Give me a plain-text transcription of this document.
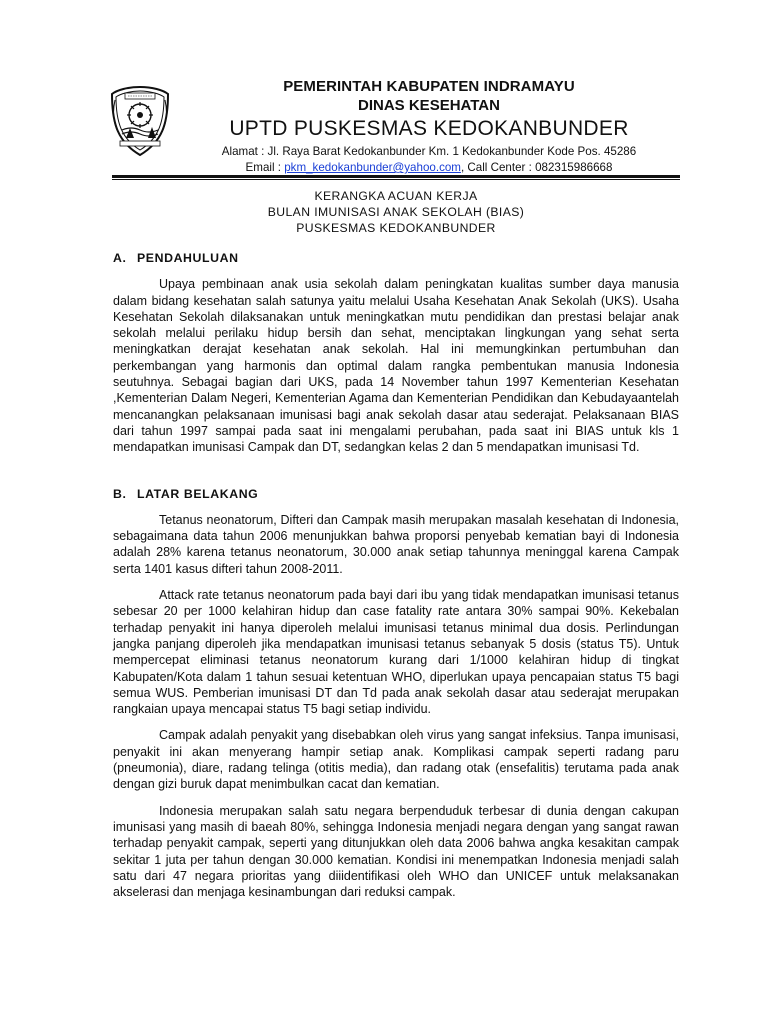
PEMERINTAH KABUPATEN INDRAMAYU
DINAS KESEHATAN
UPTD PUSKESMAS KEDOKANBUNDER
Alamat : Jl. Raya Barat Kedokanbunder Km. 1 Kedokanbunder Kode Pos. 45286
Email : pkm_kedokanbunder@yahoo.com, Call Center : 082315986668
KERANGKA ACUAN KERJA
BULAN IMUNISASI ANAK SEKOLAH (BIAS)
PUSKESMAS KEDOKANBUNDER
A. PENDAHULUAN

Upaya pembinaan anak usia sekolah dalam peningkatan kualitas sumber daya manusia dalam bidang kesehatan salah satunya yaitu melalui Usaha Kesehatan Anak Sekolah (UKS). Usaha Kesehatan Sekolah dilaksanakan untuk meningkatkan mutu pendidikan dan prestasi belajar anak sekolah melalui perilaku hidup bersih dan sehat, menciptakan lingkungan yang sehat serta meningkatkan derajat kesehatan anak sekolah. Hal ini memungkinkan pertumbuhan dan perkembangan yang harmonis dan optimal dalam rangka pembentukan manusia Indonesia seutuhnya. Sebagai bagian dari UKS, pada 14 November tahun 1997 Kementerian Kesehatan ,Kementerian Dalam Negeri, Kementerian Agama dan Kementerian Pendidikan dan Kebudayaantelah mencanangkan pelaksanaan imunisasi bagi anak sekolah dasar atau sederajat. Pelaksanaan BIAS dari tahun 1997 sampai pada saat ini mengalami perubahan, pada saat ini BIAS untuk kls 1 mendapatkan imunisasi Campak dan DT, sedangkan kelas 2 dan 5 mendapatkan imunisasi Td.

B. LATAR BELAKANG

Tetanus neonatorum, Difteri dan Campak masih merupakan masalah kesehatan di Indonesia, sebagaimana data tahun 2006 menunjukkan bahwa proporsi penyebab kematian bayi di Indonesia adalah 28% karena tetanus neonatorum, 30.000 anak setiap tahunnya meninggal karena Campak serta 1401 kasus difteri tahun 2008-2011.

Attack rate tetanus neonatorum pada bayi dari ibu yang tidak mendapatkan imunisasi tetanus sebesar 20 per 1000 kelahiran hidup dan case fatality rate antara 30% sampai 90%. Kekebalan terhadap penyakit ini hanya diperoleh melalui imunisasi tetanus minimal dua dosis. Perlindungan jangka panjang diperoleh jika mendapatkan imunisasi tetanus sebanyak 5 dosis (status T5). Untuk mempercepat eliminasi tetanus neonatorum kurang dari 1/1000 kelahiran hidup di tingkat Kabupaten/Kota dalam 1 tahun sesuai ketentuan WHO, diperlukan upaya pencapaian status T5 bagi semua WUS. Pemberian imunisasi DT dan Td pada anak sekolah dasar atau sederajat merupakan rangkaian upaya mencapai status T5 bagi setiap individu.

Campak adalah penyakit yang disebabkan oleh virus yang sangat infeksius. Tanpa imunisasi, penyakit ini akan menyerang hampir setiap anak. Komplikasi campak seperti radang paru (pneumonia), diare, radang telinga (otitis media), dan radang otak (ensefalitis) terutama pada anak dengan gizi buruk dapat menimbulkan cacat dan kematian.

Indonesia merupakan salah satu negara berpenduduk terbesar di dunia dengan cakupan imunisasi yang masih di baeah 80%, sehingga Indonesia menjadi negara dengan yang sangat rawan terhadap penyakit campak, seperti yang ditunjukkan oleh data 2006 bahwa angka kesakitan campak sekitar 1 juta per tahun dengan 30.000 kematian. Kondisi ini menempatkan Indonesia menjadi salah satu dari 47 negara prioritas yang diiidentifikasi oleh WHO dan UNICEF untuk melaksanakan akselerasi dan menjaga kesinambungan dari reduksi campak.
